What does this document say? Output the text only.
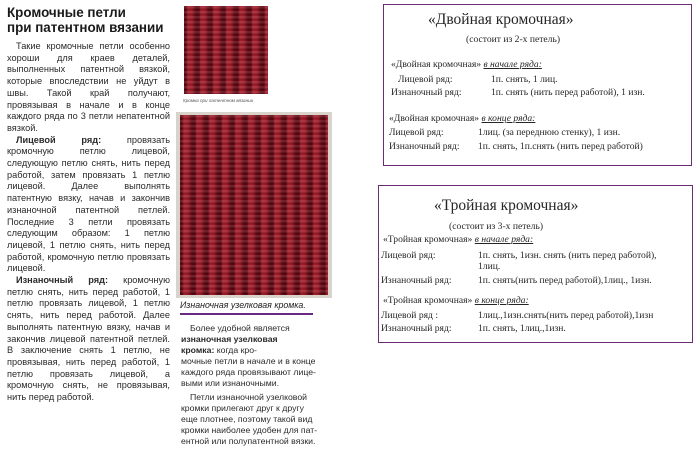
Кромочные петли
при патентном вязании

Такие кромочные петли особенно хороши для краев деталей, выполненных патентной вязкой, которые впоследствии не уйдут в швы. Такой край получают, провязывая в начале и в конце каждого ряда по 3 петли непатентной вязкой.

Лицевой ряд: провязать кромочную петлю лицевой, следующую петлю снять, нить перед работой, затем провязать 1 петлю лицевой. Далее выполнять патентную вязку, начав и закончив изнаночной патентной петлей. Последние 3 петли провязать следующим образом: 1 петлю лицевой, 1 петлю снять, нить перед работой, кромочную петлю провязать лицевой.

Изнаночный ряд: кромочную петлю снять, нить перед работой, 1 петлю провязать лицевой, 1 петлю снять, нить перед работой. Далее выполнять патентную вязку, начав и закончив лицевой патентной петлей. В заключение снять 1 петлю, не провязывая, нить перед работой, 1 петлю провязать лицевой, а кромочную снять, не провязывая, нить перед работой.

Кромка при патентном вязании
Изнаночная узелковая кромка.
Более удобной является
изнаночная узелковая
кромка: когда кро-
мочные петли в начале и в конце
каждого ряда провязывают лице-
выми или изнаночными.
Петли изнаночной узелковой
кромки прилегают друг к другу
еще плотнее, поэтому такой вид
кромки наиболее удобен для пат-
ентной или полупатентной вязки.
«Двойная кромочная»
(состоит из 2-х петель)
«Двойная кромочная» в начале ряда:
Лицевой ряд:	1п. снять, 1 лиц.
Изнаночный ряд:	1п. снять (нить перед работой), 1 изн.
«Двойная кромочная» в конце ряда:
Лицевой ряд:	1лиц. (за переднюю стенку), 1 изн.
Изнаночный ряд: 1п. снять, 1п.снять (нить перед работой)
«Тройная кромочная»
(состоит из 3-х петель)
«Тройная кромочная» в начале ряда:
Лицевой ряд:	1п. снять, 1изн. снять (нить перед работой),
1лиц.
Изнаночный ряд:	1п. снять(нить перед работой),1лиц., 1изн.
«Тройная кромочная» в конце ряда:
Лицевой ряд :	1лиц.,1изн.снять(нить перед работой),1изн
Изнаночный ряд:	1п. снять, 1лиц.,1изн.
